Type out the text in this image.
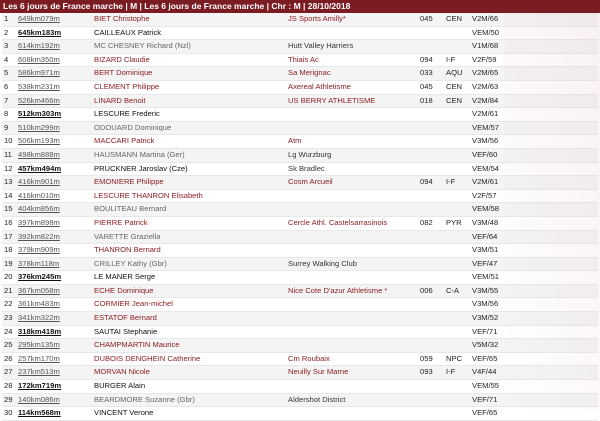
Les 6 jours de France marche | M | Les 6 jours de France marche | Chr : M | 28/10/2018
1	649km079m	BIET Christophe	JS Sports Amilly*	045	CEN	V2M/66	
2	645km183m	CAILLEAUX Patrick				VEM/50	
3	614km192m	MC CHESNEY Richard (Nzl)	Hutt Valley Harriers			V1M/68	
4	608km350m	BIZARD Claudie	Thiais Ac	094	I-F	V2F/59	
5	586km971m	BERT Dominique	Sa Merignac	033	AQU	V2M/65	
6	538km231m	CLEMENT Philippe	Axereal Athletisme	045	CEN	V2M/63	
7	526km466m	LINARD Benoit	US BERRY ATHLETISME	018	CEN	V2M/84	
8	512km303m	LESCURE Frederic				V2M/61	
9	510km299m	ODOUARD Dominique				VEM/57	
10	506km193m	MACCARI Patrick	Atm			V3M/56	
11	498km888m	HAUSMANN Martina (Ger)	Lg Wurzburg			VEF/60	
12	457km494m	PRUCKNER Jaroslav (Cze)	Sk Bradlec			VEM/54	
13	416km901m	EMONIERE Philippe	Cosm Arcueil	094	I-F	V2M/61	
14	416km010m	LESCURE THANRON Elisabeth				V2F/57	
15	404km856m	BOULITEAU Bernard				VEM/58	
16	397km898m	PIERRE Patrick	Cercle Athl. Castelsarrasinois	082	PYR	V3M/48	
17	392km822m	VARETTE Graziella				VEF/64	
18	379km909m	THANRON Bernard				V3M/51	
19	378km118m	CRILLEY Kathy (Gbr)	Surrey Walking Club			VEF/47	
20	376km245m	LE MANER Serge				VEM/51	
21	367km058m	ECHE Dominique	Nice Cote D'azur Athletisme *	006	C-A	V3M/55	
22	361km483m	CORMIER Jean-michel				V3M/56	
23	341km322m	ESTATOF Bernard				V3M/52	
24	318km418m	SAUTAI Stephanie				VEF/71	
25	295km135m	CHAMPMARTIN Maurice				V5M/32	
26	257km170m	DUBOIS DENGHEIN Catherine	Cm Roubaix	059	NPC	VEF/65	
27	237km513m	MORVAN Nicole	Neuilly Sur Marne	093	I-F	V4F/44	
28	172km719m	BURGER Alain				VEM/55	
29	140km086m	BEARDMORE Suzanne (Gbr)	Aldershot District			VEF/71	
30	114km568m	VINCENT Verone				VEF/65	
